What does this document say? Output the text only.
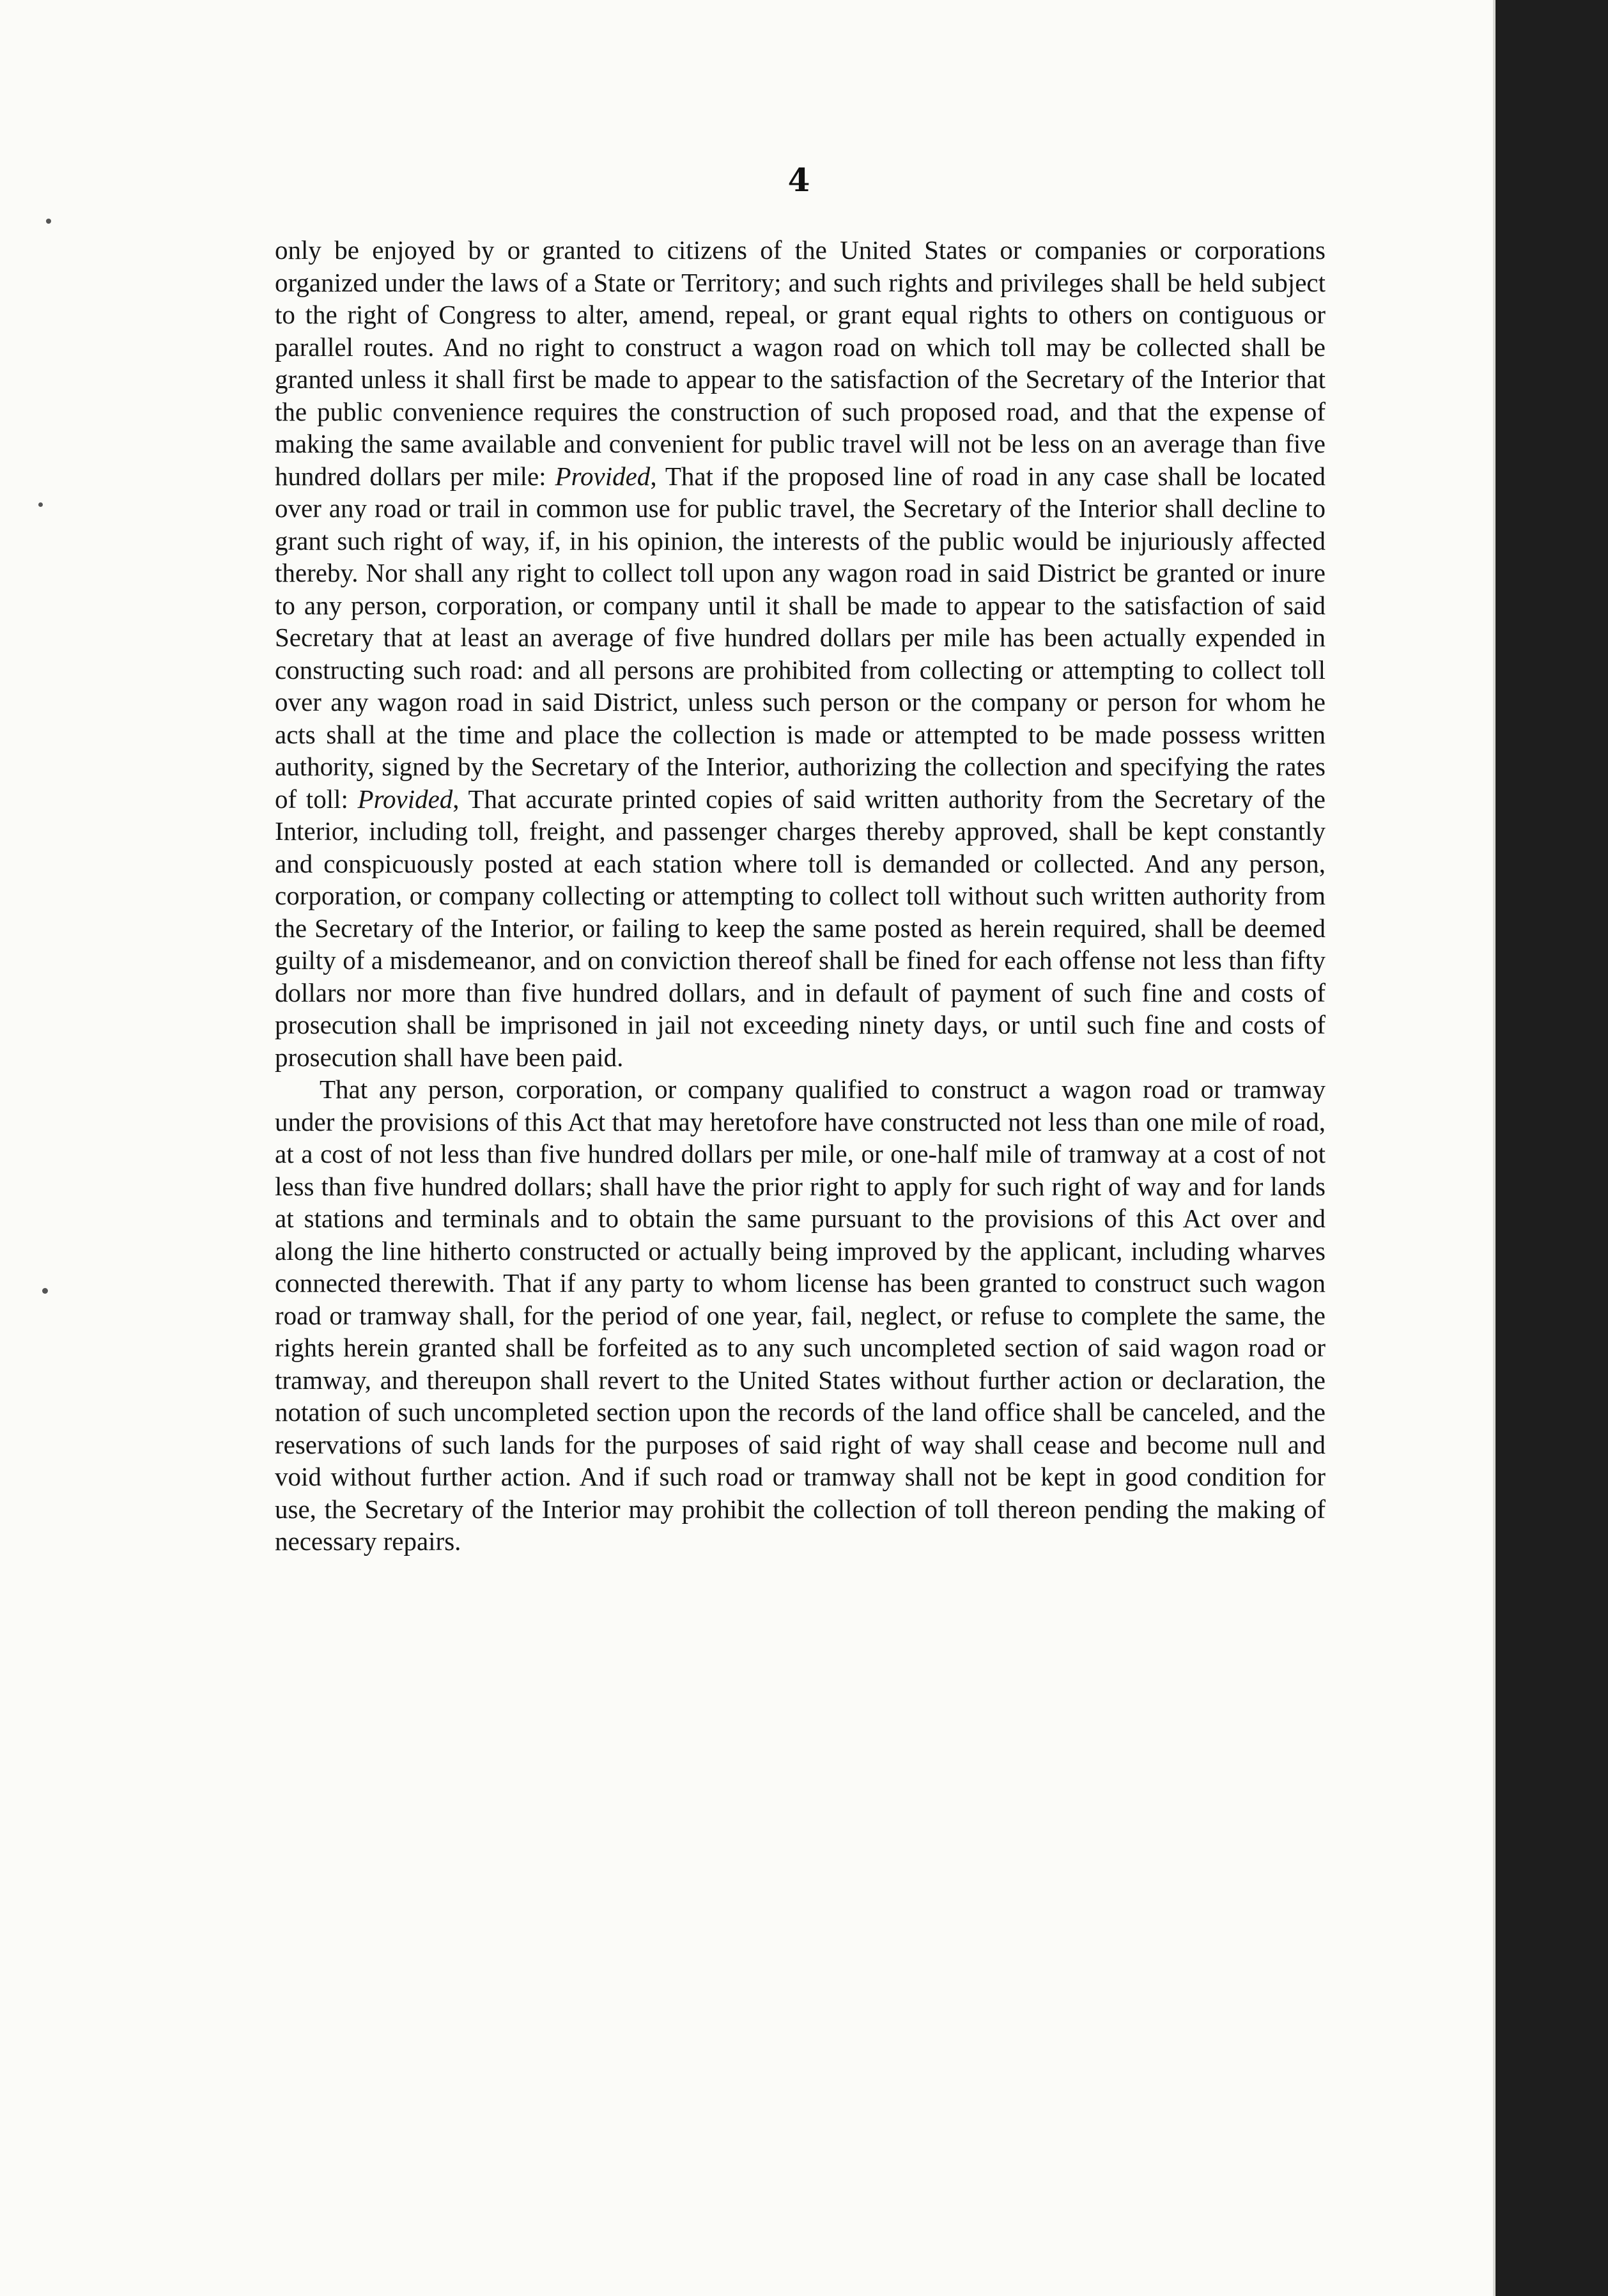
4

only be enjoyed by or granted to citizens of the United States or companies or corporations organized under the laws of a State or Territory; and such rights and privileges shall be held subject to the right of Congress to alter, amend, repeal, or grant equal rights to others on contiguous or parallel routes. And no right to construct a wagon road on which toll may be collected shall be granted unless it shall first be made to appear to the satisfaction of the Secretary of the Interior that the public convenience requires the construction of such proposed road, and that the expense of making the same available and convenient for public travel will not be less on an average than five hundred dollars per mile: Provided, That if the proposed line of road in any case shall be located over any road or trail in common use for public travel, the Secretary of the Interior shall decline to grant such right of way, if, in his opinion, the interests of the public would be injuriously affected thereby. Nor shall any right to collect toll upon any wagon road in said District be granted or inure to any person, corporation, or company until it shall be made to appear to the satisfaction of said Secretary that at least an average of five hundred dollars per mile has been actually expended in constructing such road: and all persons are prohibited from collecting or attempting to collect toll over any wagon road in said District, unless such person or the company or person for whom he acts shall at the time and place the collection is made or attempted to be made possess written authority, signed by the Secretary of the Interior, authorizing the collection and specifying the rates of toll: Provided, That accurate printed copies of said written authority from the Secretary of the Interior, including toll, freight, and passenger charges thereby approved, shall be kept constantly and conspicuously posted at each station where toll is demanded or collected. And any person, corporation, or company collecting or attempting to collect toll without such written authority from the Secretary of the Interior, or failing to keep the same posted as herein required, shall be deemed guilty of a misdemeanor, and on conviction thereof shall be fined for each offense not less than fifty dollars nor more than five hundred dollars, and in default of payment of such fine and costs of prosecution shall be imprisoned in jail not exceeding ninety days, or until such fine and costs of prosecution shall have been paid.

That any person, corporation, or company qualified to construct a wagon road or tramway under the provisions of this Act that may heretofore have constructed not less than one mile of road, at a cost of not less than five hundred dollars per mile, or one-half mile of tramway at a cost of not less than five hundred dollars; shall have the prior right to apply for such right of way and for lands at stations and terminals and to obtain the same pursuant to the provisions of this Act over and along the line hitherto constructed or actually being improved by the applicant, including wharves connected therewith. That if any party to whom license has been granted to construct such wagon road or tramway shall, for the period of one year, fail, neglect, or refuse to complete the same, the rights herein granted shall be forfeited as to any such uncompleted section of said wagon road or tramway, and thereupon shall revert to the United States without further action or declaration, the notation of such uncompleted section upon the records of the land office shall be canceled, and the reservations of such lands for the purposes of said right of way shall cease and become null and void without further action. And if such road or tramway shall not be kept in good condition for use, the Secretary of the Interior may prohibit the collection of toll thereon pending the making of necessary repairs.
